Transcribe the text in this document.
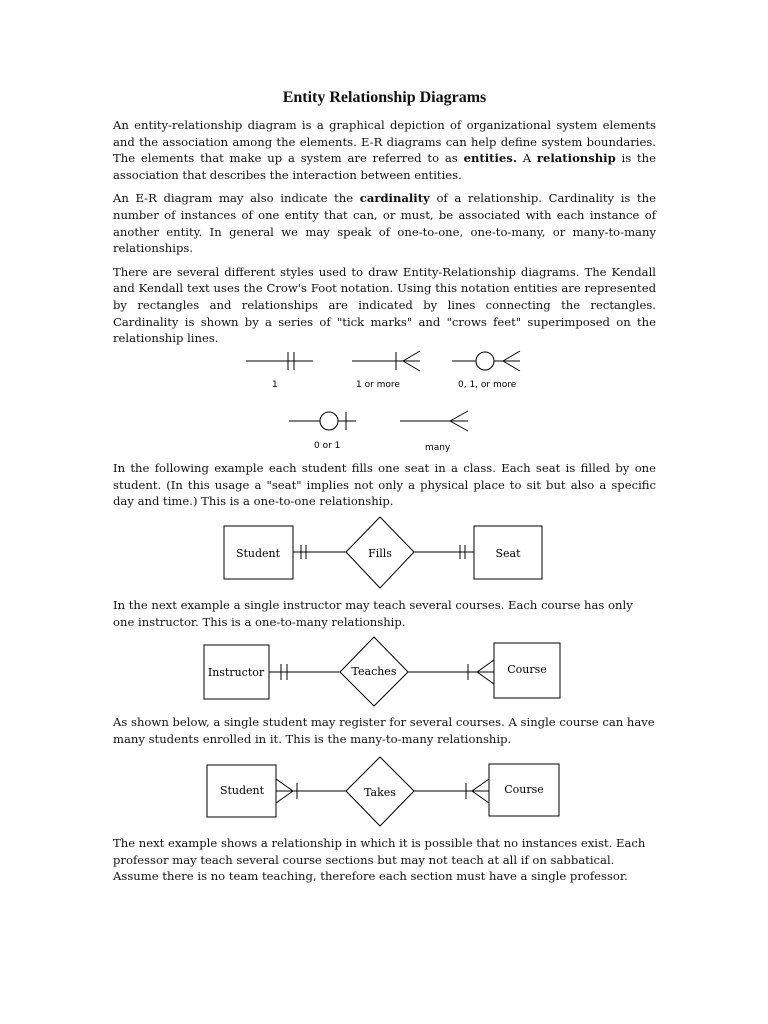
Entity Relationship Diagrams

An entity-relationship diagram is a graphical depiction of organizational system elements and the association among the elements. E-R diagrams can help define system boundaries. The elements that make up a system are referred to as entities. A relationship is the association that describes the interaction between entities.

An E-R diagram may also indicate the cardinality of a relationship. Cardinality is the number of instances of one entity that can, or must, be associated with each instance of another entity. In general we may speak of one-to-one, one-to-many, or many-to-many relationships.

There are several different styles used to draw Entity-Relationship diagrams. The Kendall and Kendall text uses the Crow's Foot notation. Using this notation entities are represented by rectangles and relationships are indicated by lines connecting the rectangles. Cardinality is shown by a series of "tick marks" and "crows feet" superimposed on the relationship lines.

1	1 or more	0, 1, or more
0 or 1	many

In the following example each student fills one seat in a class. Each seat is filled by one student. (In this usage a "seat" implies not only a physical place to sit but also a specific day and time.) This is a one-to-one relationship.

Student	Fills	Seat

In the next example a single instructor may teach several courses. Each course has only one instructor. This is a one-to-many relationship.

Instructor	Teaches	Course

As shown below, a single student may register for several courses. A single course can have many students enrolled in it. This is the many-to-many relationship.

Student	Takes	Course

The next example shows a relationship in which it is possible that no instances exist. Each professor may teach several course sections but may not teach at all if on sabbatical. Assume there is no team teaching, therefore each section must have a single professor.
